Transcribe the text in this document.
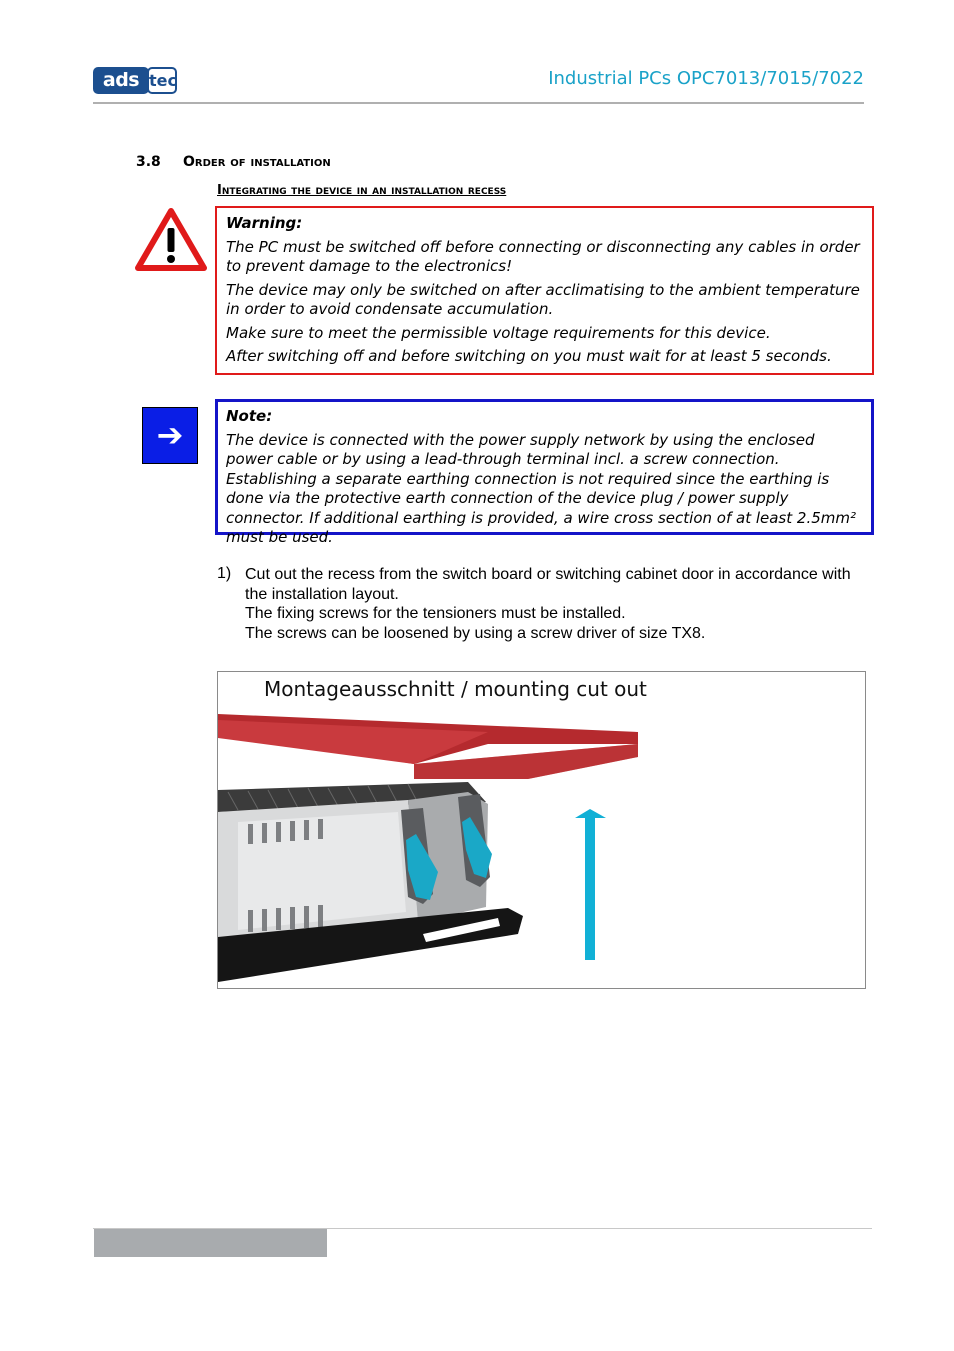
ads tec	Industrial PCs OPC7013/7015/7022
3.8 Order of installation
Integrating the device in an installation recess
Warning:
The PC must be switched off before connecting or disconnecting any cables in order to prevent damage to the electronics!
The device may only be switched on after acclimatising to the ambient temperature in order to avoid condensate accumulation.
Make sure to meet the permissible voltage requirements for this device.
After switching off and before switching on you must wait for at least 5 seconds.
➔	Note:
The device is connected with the power supply network by using the enclosed power cable or by using a lead-through terminal incl. a screw connection. Establishing a separate earthing connection is not required since the earthing is done via the protective earth connection of the device plug / power supply connector. If additional earthing is provided, a wire cross section of at least 2.5mm² must be used.
1) Cut out the recess from the switch board or switching cabinet door in accordance with the installation layout.
The fixing screws for the tensioners must be installed.
The screws can be loosened by using a screw driver of size TX8.
Montageausschnitt / mounting cut out
